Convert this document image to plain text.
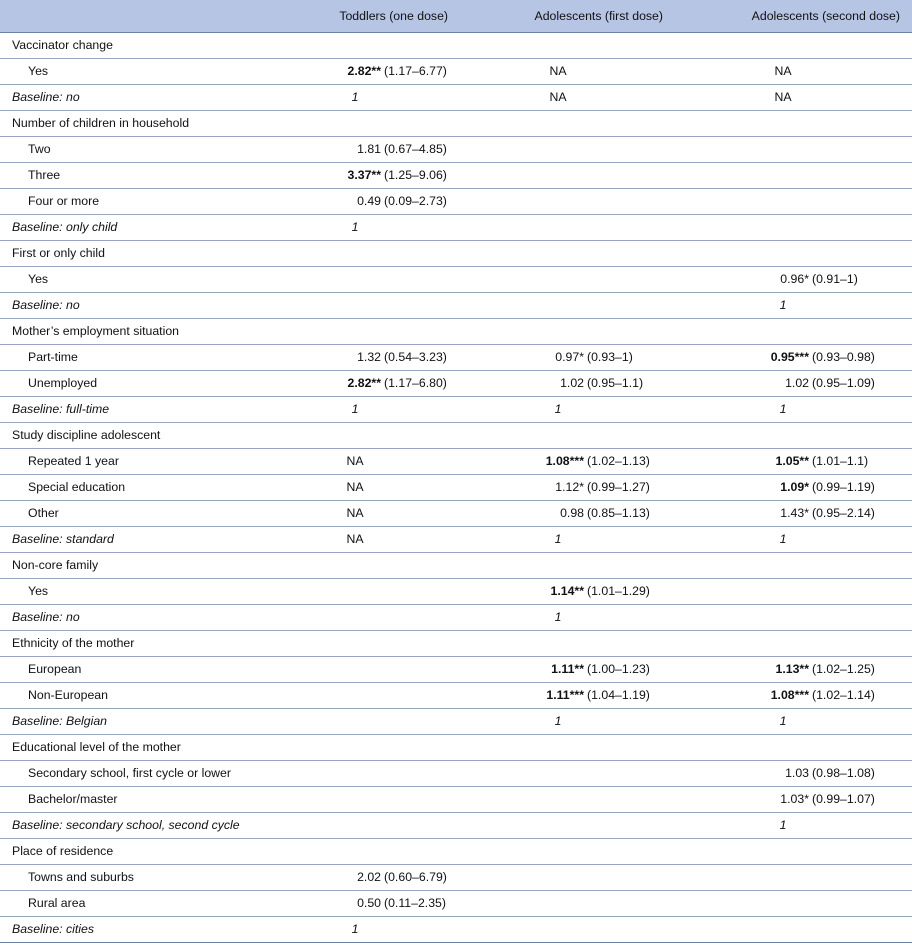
	Toddlers (one dose)	Adolescents (first dose)	Adolescents (second dose)
Vaccinator change			
Yes	2.82** (1.17–6.77)	NA	NA

Baseline: no	1	NA	NA

Number of children in household			
Two	1.81 (0.67–4.85)		

Three	3.37** (1.25–9.06)		

Four or more	0.49 (0.09–2.73)		

Baseline: only child	1		

First or only child			
Yes			0.96* (0.91–1)

Baseline: no			1

Mother’s employment situation			
Part-time	1.32 (0.54–3.23)	0.97* (0.93–1)	0.95*** (0.93–0.98)

Unemployed	2.82** (1.17–6.80)	1.02 (0.95–1.1)	1.02 (0.95–1.09)

Baseline: full-time	1	1	1

Study discipline adolescent			
Repeated 1 year	NA	1.08*** (1.02–1.13)	1.05** (1.01–1.1)

Special education	NA	1.12* (0.99–1.27)	1.09* (0.99–1.19)

Other	NA	0.98 (0.85–1.13)	1.43* (0.95–2.14)

Baseline: standard	NA	1	1

Non-core family			
Yes		1.14** (1.01–1.29)	

Baseline: no		1	

Ethnicity of the mother			
European		1.11** (1.00–1.23)	1.13** (1.02–1.25)

Non-European		1.11*** (1.04–1.19)	1.08*** (1.02–1.14)

Baseline: Belgian		1	1

Educational level of the mother			
Secondary school, first cycle or lower			1.03 (0.98–1.08)

Bachelor/master			1.03* (0.99–1.07)

Baseline: secondary school, second cycle			1

Place of residence			
Towns and suburbs	2.02 (0.60–6.79)		

Rural area	0.50 (0.11–2.35)		

Baseline: cities	1		
